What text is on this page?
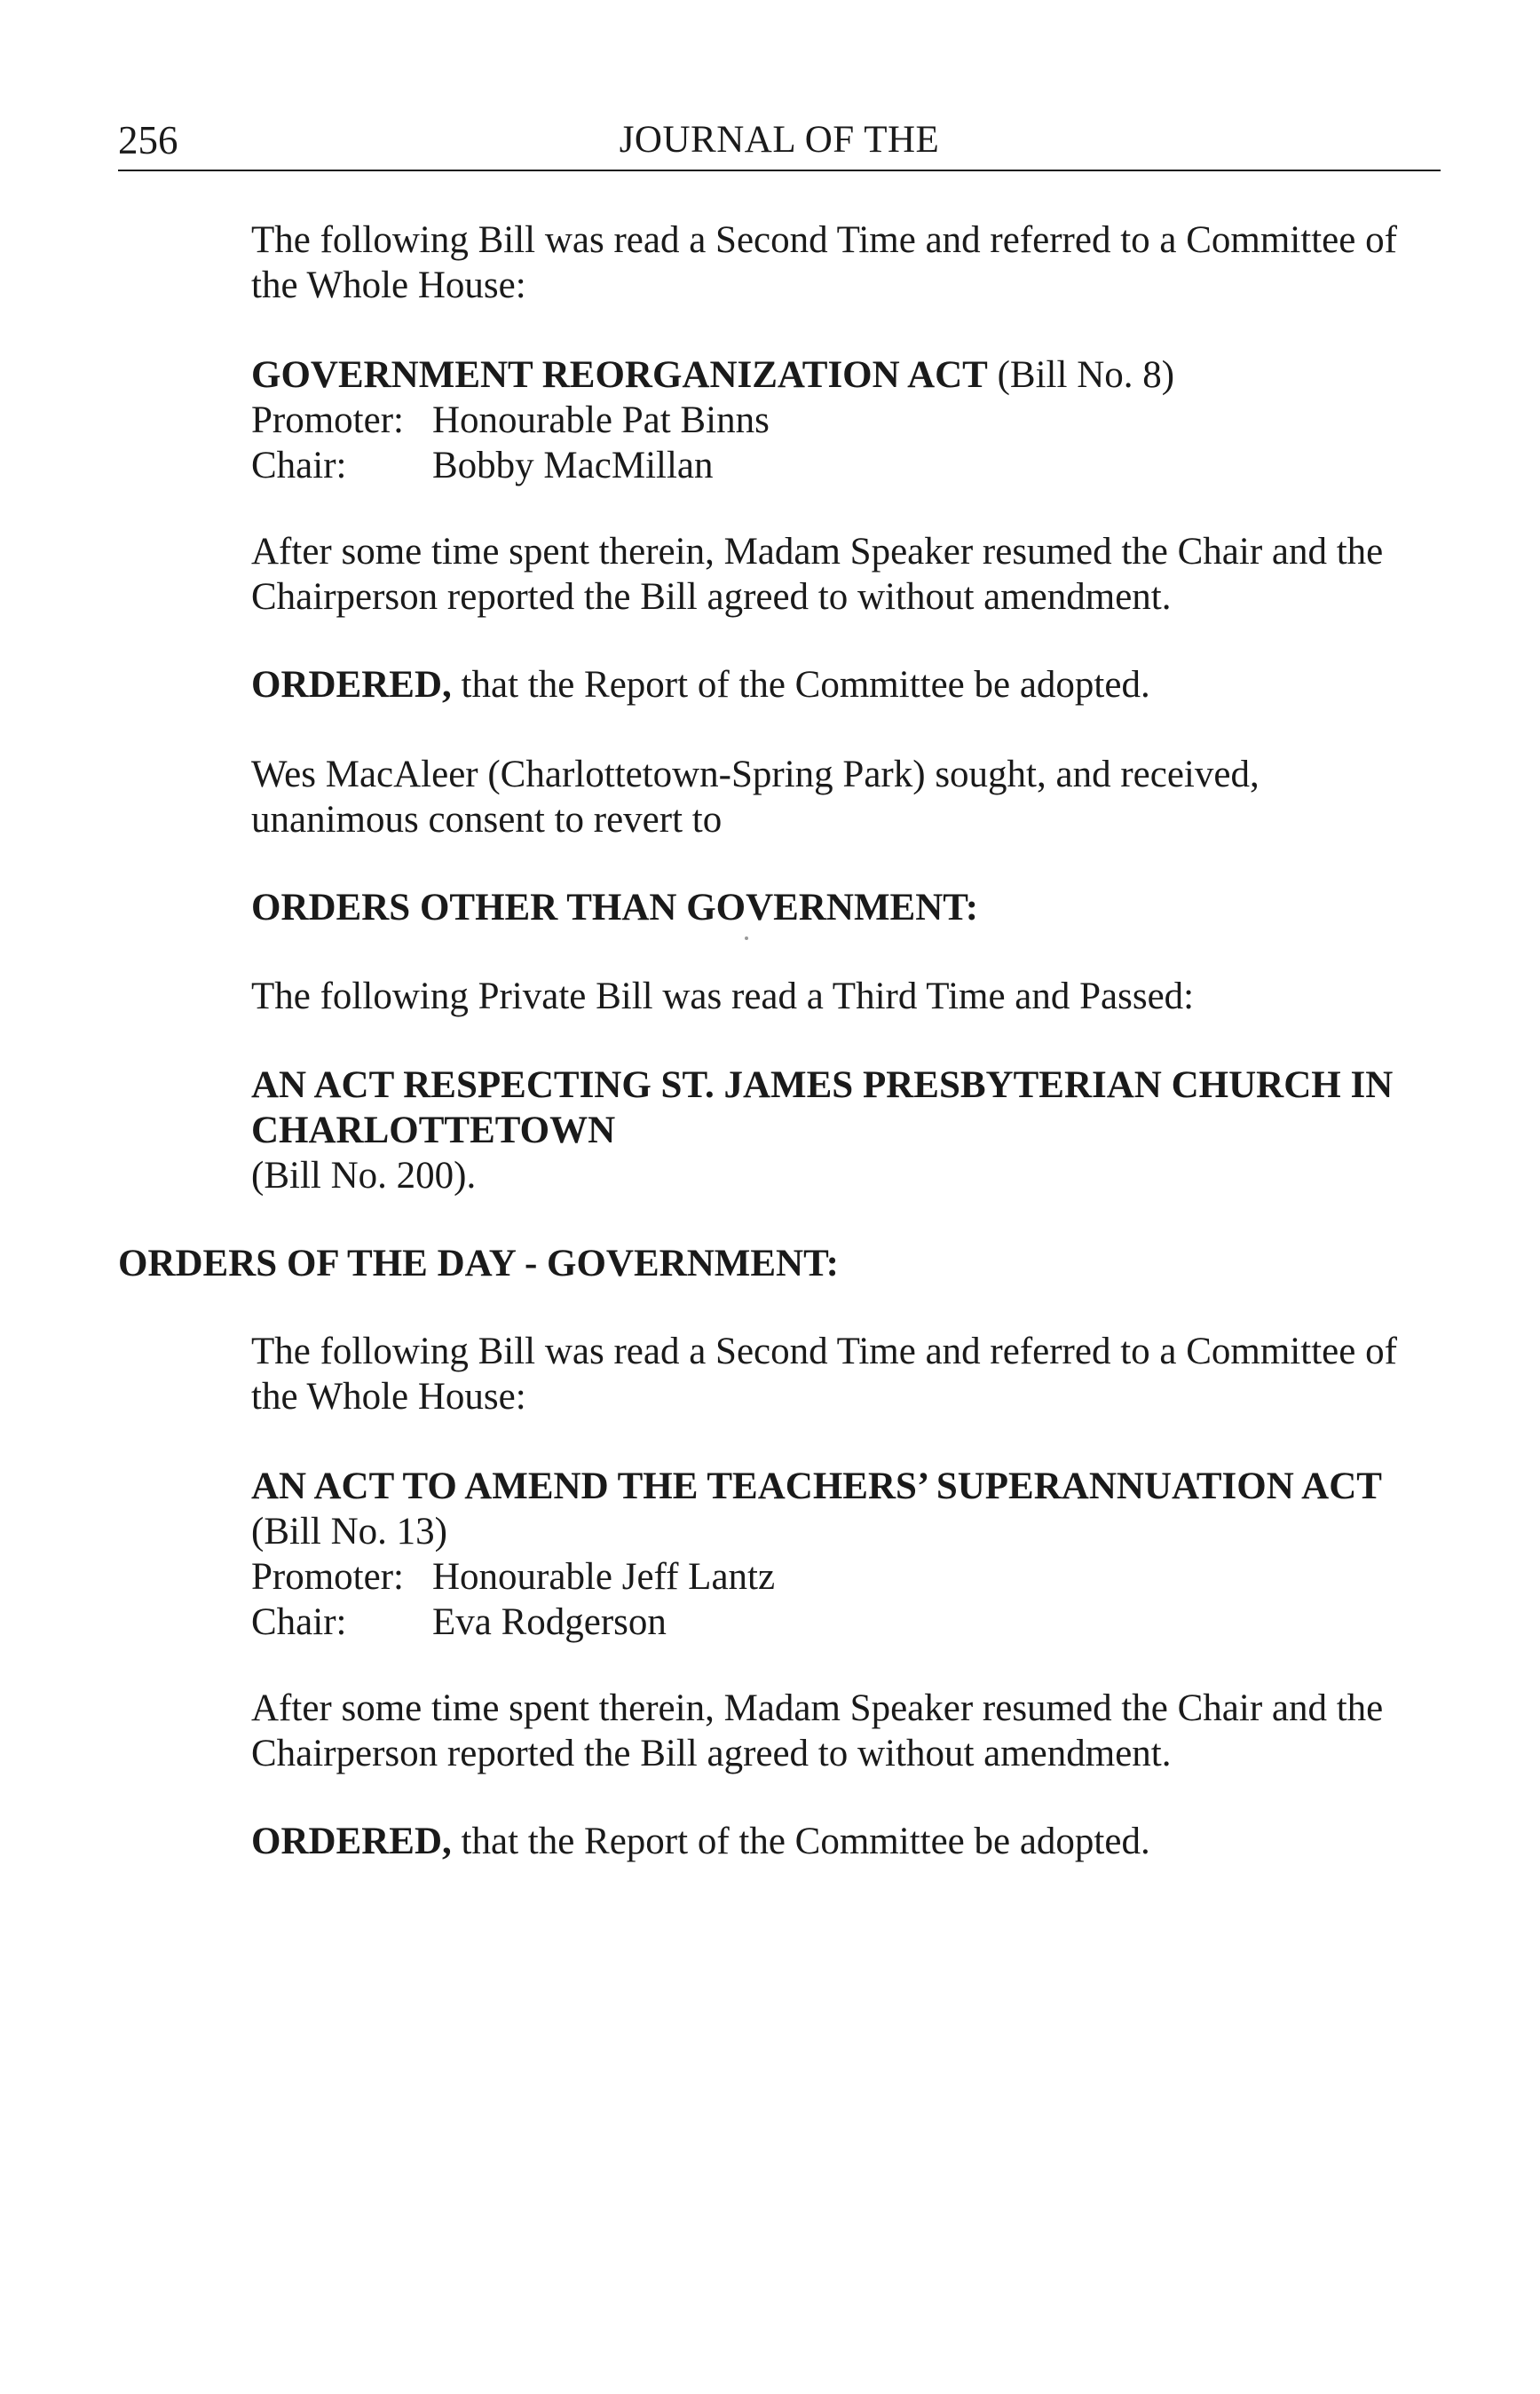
256	JOURNAL OF THE

The following Bill was read a Second Time and referred to a Committee of

the Whole House:

GOVERNMENT REORGANIZATION ACT (Bill No. 8)

Promoter: Honourable Pat Binns

Chair: Bobby MacMillan

After some time spent therein, Madam Speaker resumed the Chair and the

Chairperson reported the Bill agreed to without amendment.

ORDERED, that the Report of the Committee be adopted.

Wes MacAleer (Charlottetown-Spring Park) sought, and received,

unanimous consent to revert to

ORDERS OTHER THAN GOVERNMENT:
The following Private Bill was read a Third Time and Passed:

AN ACT RESPECTING ST. JAMES PRESBYTERIAN CHURCH IN

CHARLOTTETOWN

(Bill No. 200).

ORDERS OF THE DAY - GOVERNMENT:

The following Bill was read a Second Time and referred to a Committee of

the Whole House:

AN ACT TO AMEND THE TEACHERS’ SUPERANNUATION ACT

(Bill No. 13)

Promoter: Honourable Jeff Lantz

Chair: Eva Rodgerson

After some time spent therein, Madam Speaker resumed the Chair and the

Chairperson reported the Bill agreed to without amendment.

ORDERED, that the Report of the Committee be adopted.
